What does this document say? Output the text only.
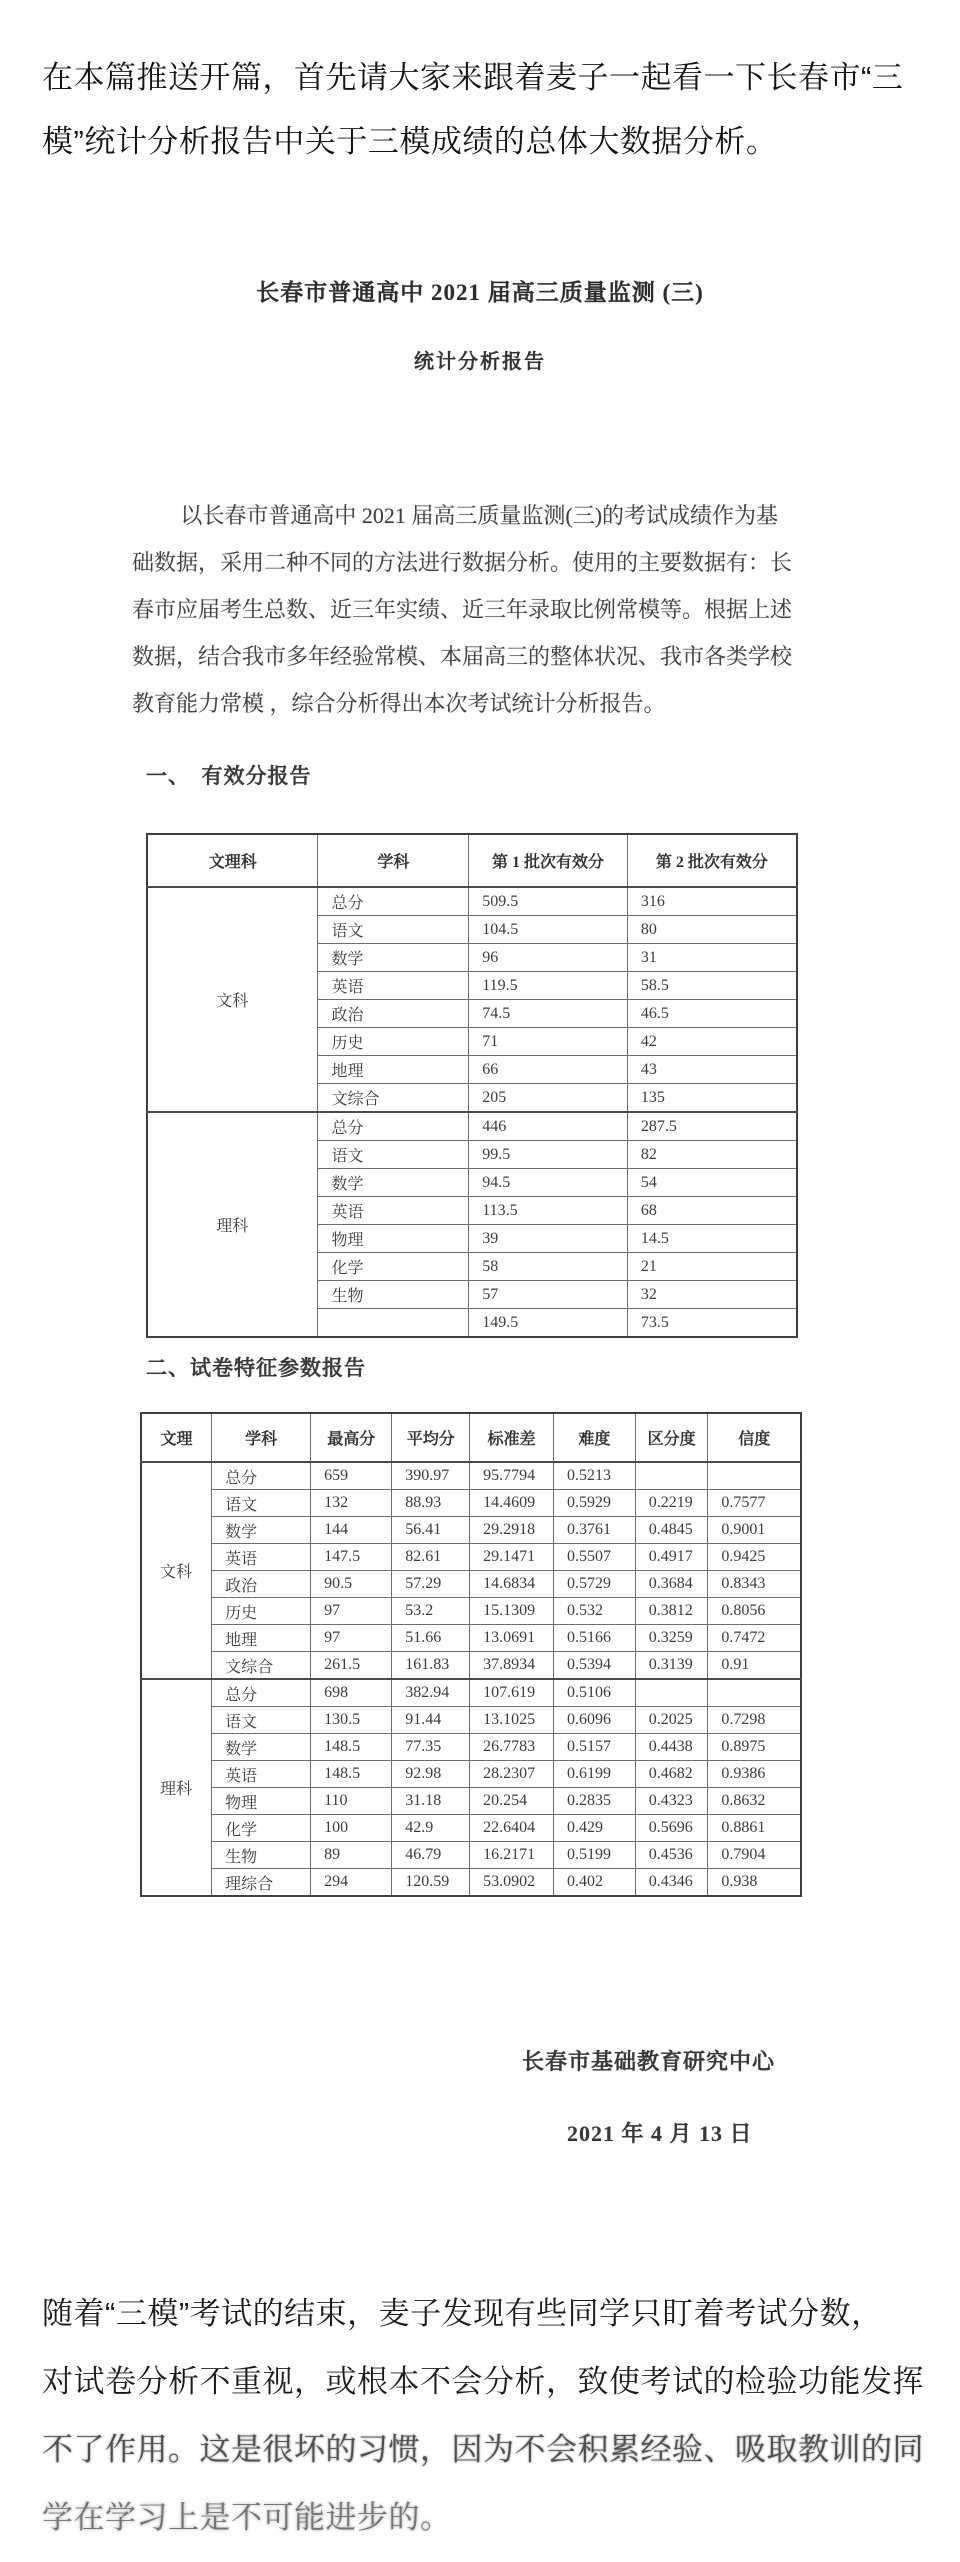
在本篇推送开篇，首先请大家来跟着麦子一起看一下长春市“三
模”统计分析报告中关于三模成绩的总体大数据分析。
长春市普通高中 2021 届高三质量监测 (三)
统计分析报告
以长春市普通高中 2021 届高三质量监测(三)的考试成绩作为基
础数据，采用二种不同的方法进行数据分析。使用的主要数据有：长
春市应届考生总数、近三年实绩、近三年录取比例常模等。根据上述
数据，结合我市多年经验常模、本届高三的整体状况、我市各类学校
教育能力常模 ，综合分析得出本次考试统计分析报告。
一、　有效分报告
文理科	学科	第 1 批次有效分	第 2 批次有效分
文科	总分	509.5	316
	语文	104.5	80
	数学	96	31
	英语	119.5	58.5
	政治	74.5	46.5
	历史	71	42
	地理	66	43
	文综合	205	135
理科	总分	446	287.5
	语文	99.5	82
	数学	94.5	54
	英语	113.5	68
	物理	39	14.5
	化学	58	21
	生物	57	32
		149.5	73.5
二、试卷特征参数报告
文理	学科	最高分	平均分	标准差	难度	区分度	信度
文科	总分	659	390.97	95.7794	0.5213		
	语文	132	88.93	14.4609	0.5929	0.2219	0.7577
	数学	144	56.41	29.2918	0.3761	0.4845	0.9001
	英语	147.5	82.61	29.1471	0.5507	0.4917	0.9425
	政治	90.5	57.29	14.6834	0.5729	0.3684	0.8343
	历史	97	53.2	15.1309	0.532	0.3812	0.8056
	地理	97	51.66	13.0691	0.5166	0.3259	0.7472
	文综合	261.5	161.83	37.8934	0.5394	0.3139	0.91
理科	总分	698	382.94	107.619	0.5106		
	语文	130.5	91.44	13.1025	0.6096	0.2025	0.7298
	数学	148.5	77.35	26.7783	0.5157	0.4438	0.8975
	英语	148.5	92.98	28.2307	0.6199	0.4682	0.9386
	物理	110	31.18	20.254	0.2835	0.4323	0.8632
	化学	100	42.9	22.6404	0.429	0.5696	0.8861
	生物	89	46.79	16.2171	0.5199	0.4536	0.7904
	理综合	294	120.59	53.0902	0.402	0.4346	0.938
长春市基础教育研究中心
2021 年 4 月 13 日
随着“三模”考试的结束，麦子发现有些同学只盯着考试分数，
对试卷分析不重视，或根本不会分析，致使考试的检验功能发挥
不了作用。这是很坏的习惯，因为不会积累经验、吸取教训的同
学在学习上是不可能进步的。
